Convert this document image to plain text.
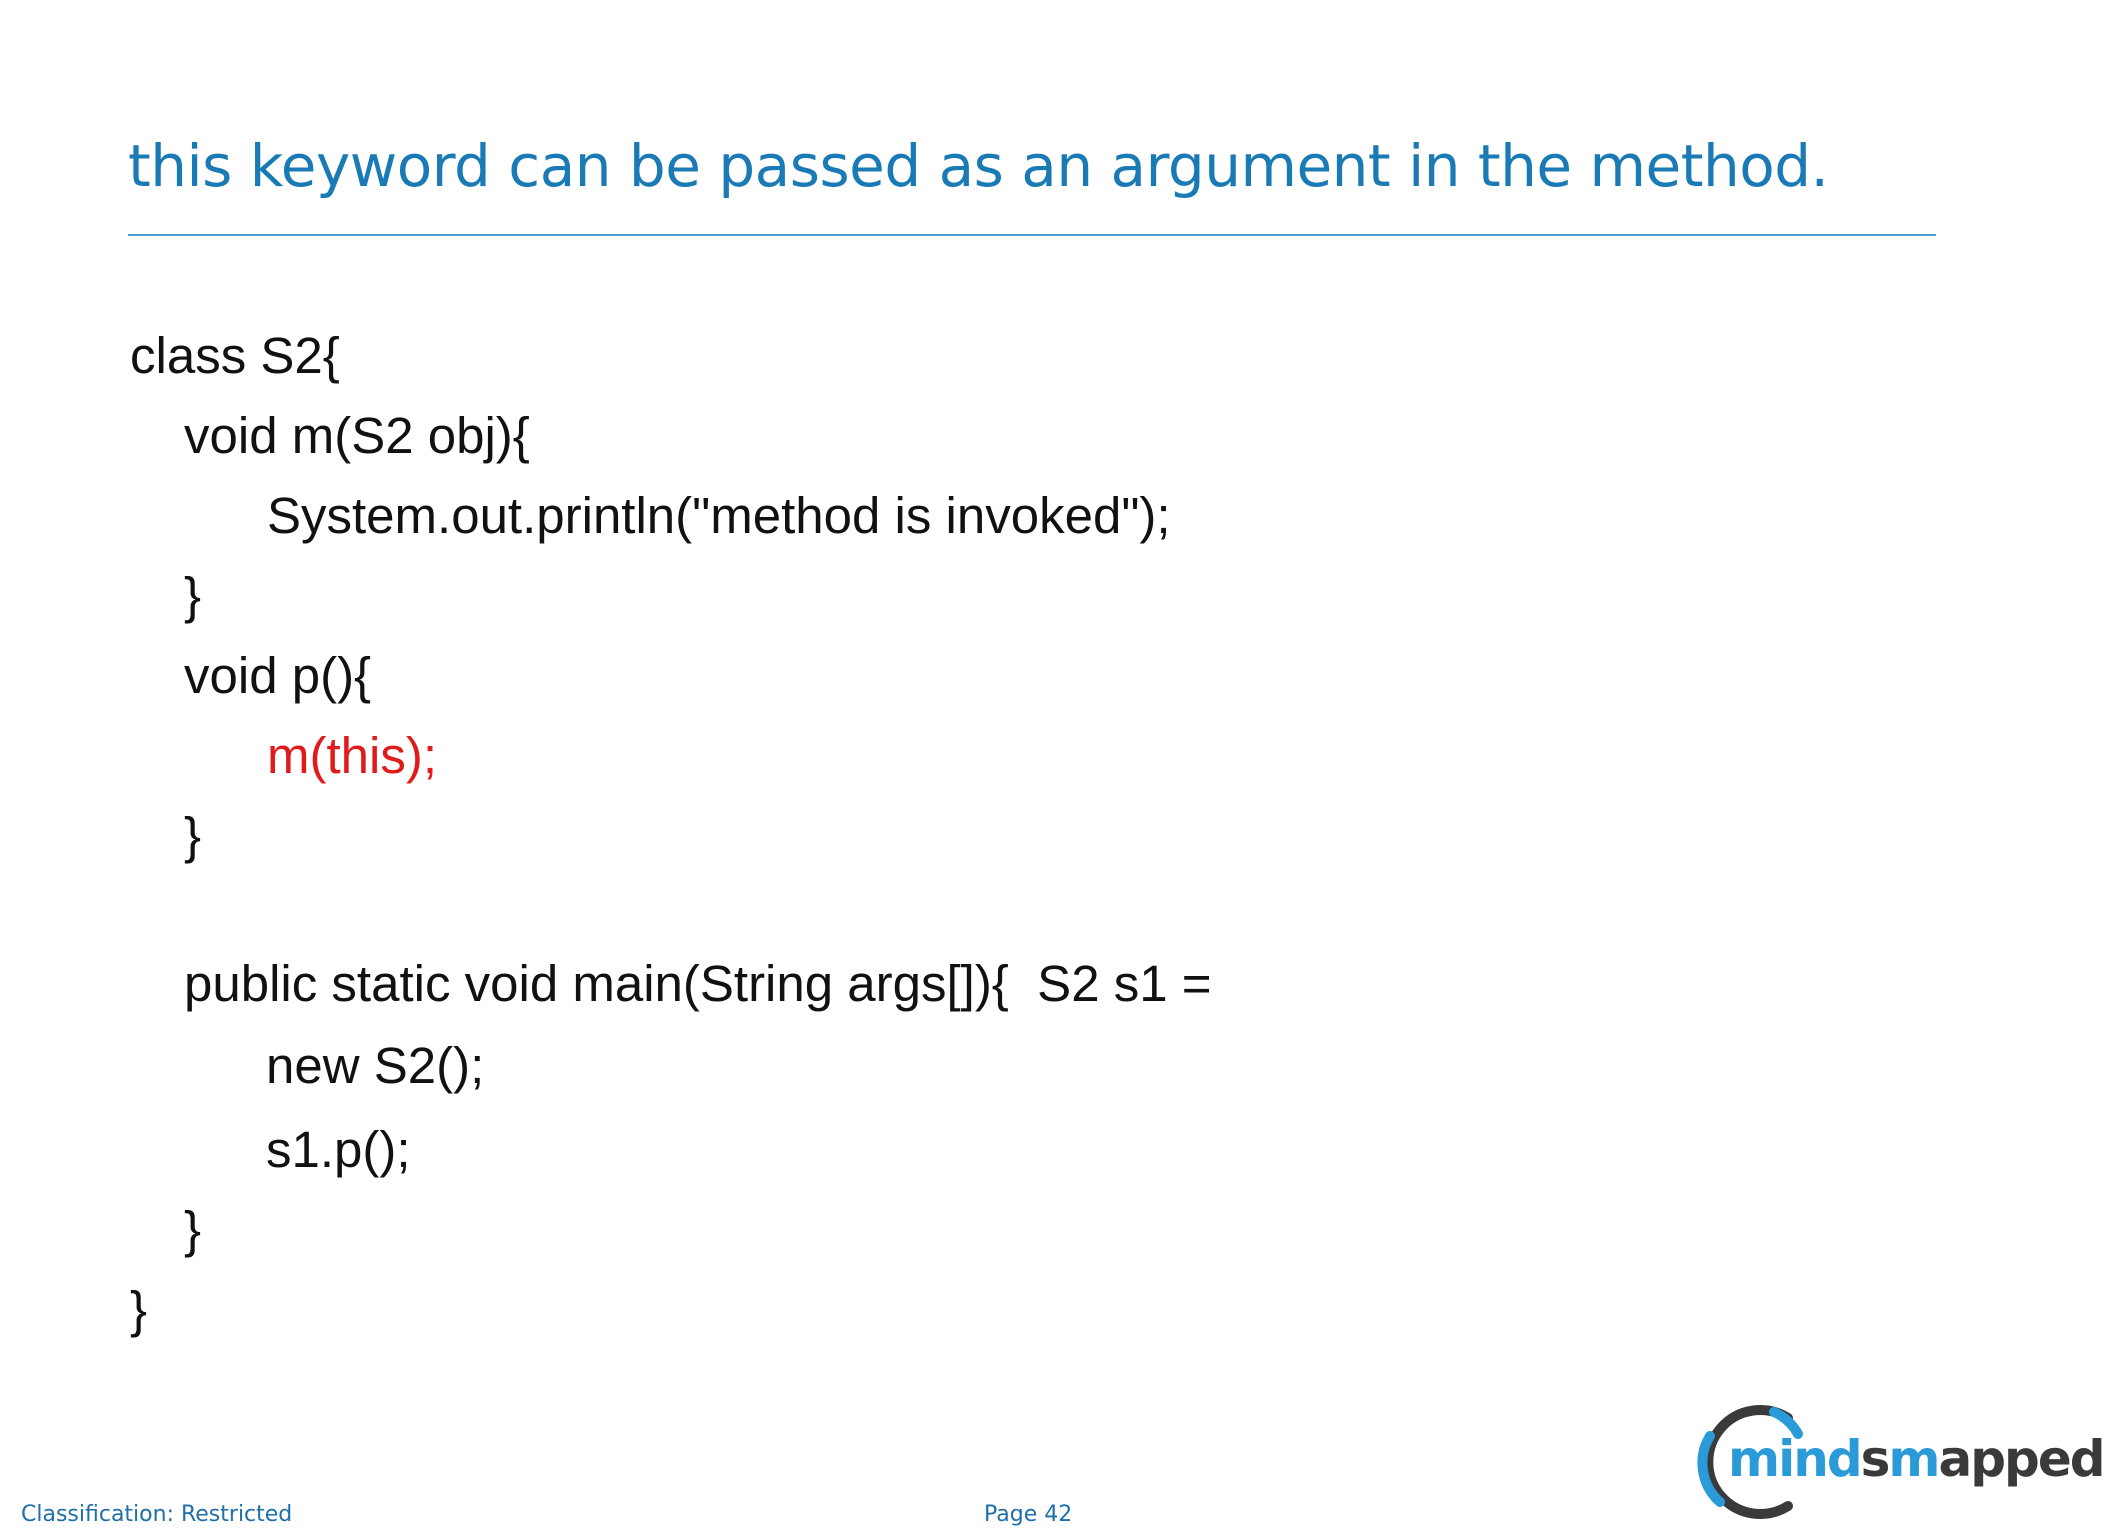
this keyword can be passed as an argument in the method.
class S2{
void m(S2 obj){
System.out.println("method is invoked");
}
void p(){
m(this);
}
public static void main(String args[]){  S2 s1 =
new S2();
s1.p();
}
}
Classification: Restricted	Page 42
mindsmapped
